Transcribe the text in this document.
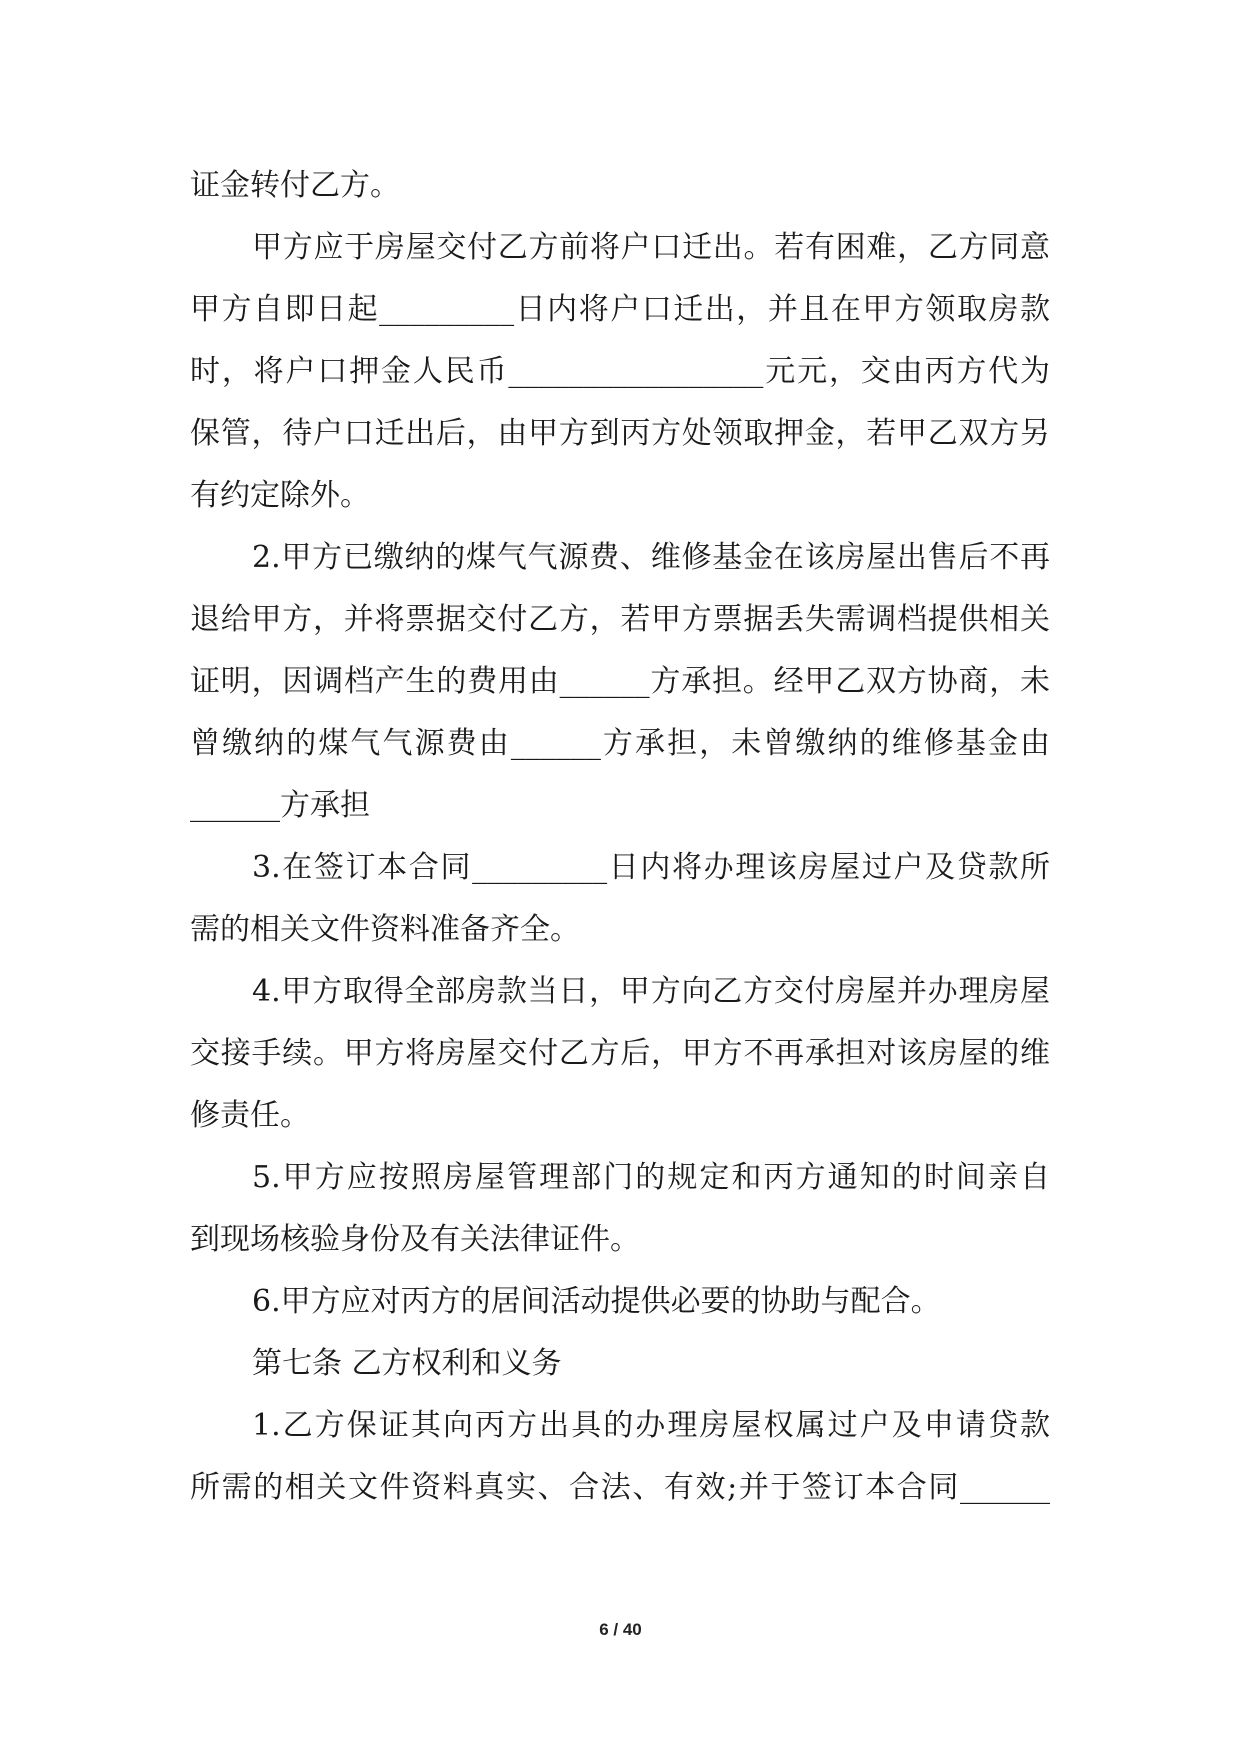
证金转付乙方。
甲方应于房屋交付乙方前将户口迁出。若有困难，乙方同意
甲方自即日起_________日内将户口迁出，并且在甲方领取房款
时，将户口押金人民币_________________元元，交由丙方代为
保管，待户口迁出后，由甲方到丙方处领取押金，若甲乙双方另
有约定除外。
2.甲方已缴纳的煤气气源费、维修基金在该房屋出售后不再
退给甲方，并将票据交付乙方，若甲方票据丢失需调档提供相关
证明，因调档产生的费用由______方承担。经甲乙双方协商，未
曾缴纳的煤气气源费由______方承担，未曾缴纳的维修基金由
______方承担
3.在签订本合同_________日内将办理该房屋过户及贷款所
需的相关文件资料准备齐全。
4.甲方取得全部房款当日，甲方向乙方交付房屋并办理房屋
交接手续。甲方将房屋交付乙方后，甲方不再承担对该房屋的维
修责任。
5.甲方应按照房屋管理部门的规定和丙方通知的时间亲自
到现场核验身份及有关法律证件。
6.甲方应对丙方的居间活动提供必要的协助与配合。
第七条 乙方权利和义务
1.乙方保证其向丙方出具的办理房屋权属过户及申请贷款
所需的相关文件资料真实、合法、有效;并于签订本合同______
6 / 40
